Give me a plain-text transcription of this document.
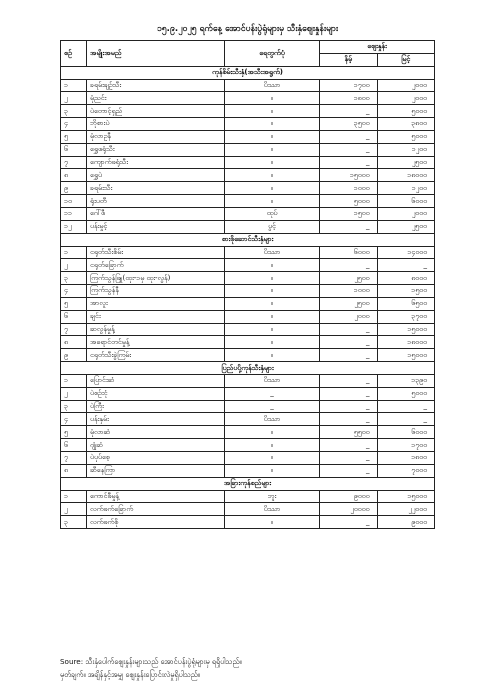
၁၅.၉.၂၀၂၅ ရက်နေ့ အောင်ပန်းပွဲရုံများမှ သီးနှံဈေးနှုန်းများ
စဉ်	အမျိုးအမည်	ရေတွက်ပုံ	ဈေးနှုန်း	
			နိမ့်	မြင့်
ကုန်စိမ်းသီးနှံ(အသီးအရွက်)				
၁	ခရမ်းချဉ်သီး	ပိဿာ	၁၇၀၀	၂၀၀၀
၂	မုံညင်း	။	၁၈၀၀	၂၀၀၀
၃	ပဲတောင့်ရှည်	။	_	၅၀၀၀
၄	ဘိုစားပဲ	။	၃၅၀၀	၃၈၀၀
၅	မုံလာဥနီ	။	_	၅၀၀၀
၆	ရွှေဖရုံသီး	။	_	၁၂၀၀
၇	ကျောက်ဖရုံသီး	။	_	၂၅၀၀
၈	ရွှေပဲ	။	၁၅၀၀၀	၁၈၀၀၀
၉	ခရမ်းသီး	။	၁၀၀၀	၁၂၀၀
၁၀	ရုံးပတီ	။	၅၀၀၀	၆၀၀၀
၁၁	ဂေါ်ဖီ	ထုပ်	၁၅၀၀	၂၀၀၀
၁၂	ပန်းမှုင့်	ပွင့်	_	၂၅၀၀
စားဖိုဆောင်သီးနှံများ				
၁	ငရုတ်သီးစိမ်း	ပိဿာ	၆၀၀၀	၁၄၀၀၀
၂	ငရုတ်ခြောက်	။	_	_
၃	ကြက်သွန်ဖြူ(ထုး-၁မှ ထုး-လွန်)	။	၂၅၀၀	၈၀၀၀
၄	ကြက်သွန်နီ	။	၁၀၀၀	၁၅၀၀
၅	အာလူး	။	၂၅၀၀	၆၅၀၀
၆	ချင်း	။	၂၀၀၀	၃၇၀၀
၇	ဆလွန်မှုန့်	။	_	၁၅၀၀၀
၈	အရောင်တင်မှုန့်	။	_	၁၈၀၀၀
၉	ငရုတ်သီးခွဲကြမ်း	။	_	၁၅၀၀၀
ပြည်ပပို့ကုန်သီးနှံများ				
၁	ပြောင်းဆံ	ပိဿာ	_	၁၃၉၀
၂	ပဲစဉ်းငုံ	_	_	၅၀၀၀
၃	ပဲကြီး	_	_	_
၄	ပန်းနှမ်း	ပိဿာ	_	_
၅	မုံလာဆံ	။	၅၅၀၀	၆၀၀၀
၆	ဂျုံဆံ	။	_	၁၇၀၀
၇	ပဲပုပ်စေ့	။	_	၁၈၀၀
၈	ဆီနေကြာ	။	_	၇၀၀၀
အခြားကုန်စည်များ				
၁	ကောင်ဖီမှုန့်	ဘူး	၉၀၀၀	၁၅၀၀၀
၂	လက်ဖက်ခြောက်	ပိဿာ	၂၀၀၀၀	၂၂၀၀၀
၃	လက်ဖက်စို	။	_	၉၀၀၀
Soure: သီးနှံပေါက်ဈေးနှုန်းများသည် အောင်ပန်းပွဲရုံများမှ ရရှိပါသည်။
မှတ်ချက်။ အချိန်နှင့်အမျှ ဈေးနှုန်းပြောင်းလဲမှုရှိပါသည်။
